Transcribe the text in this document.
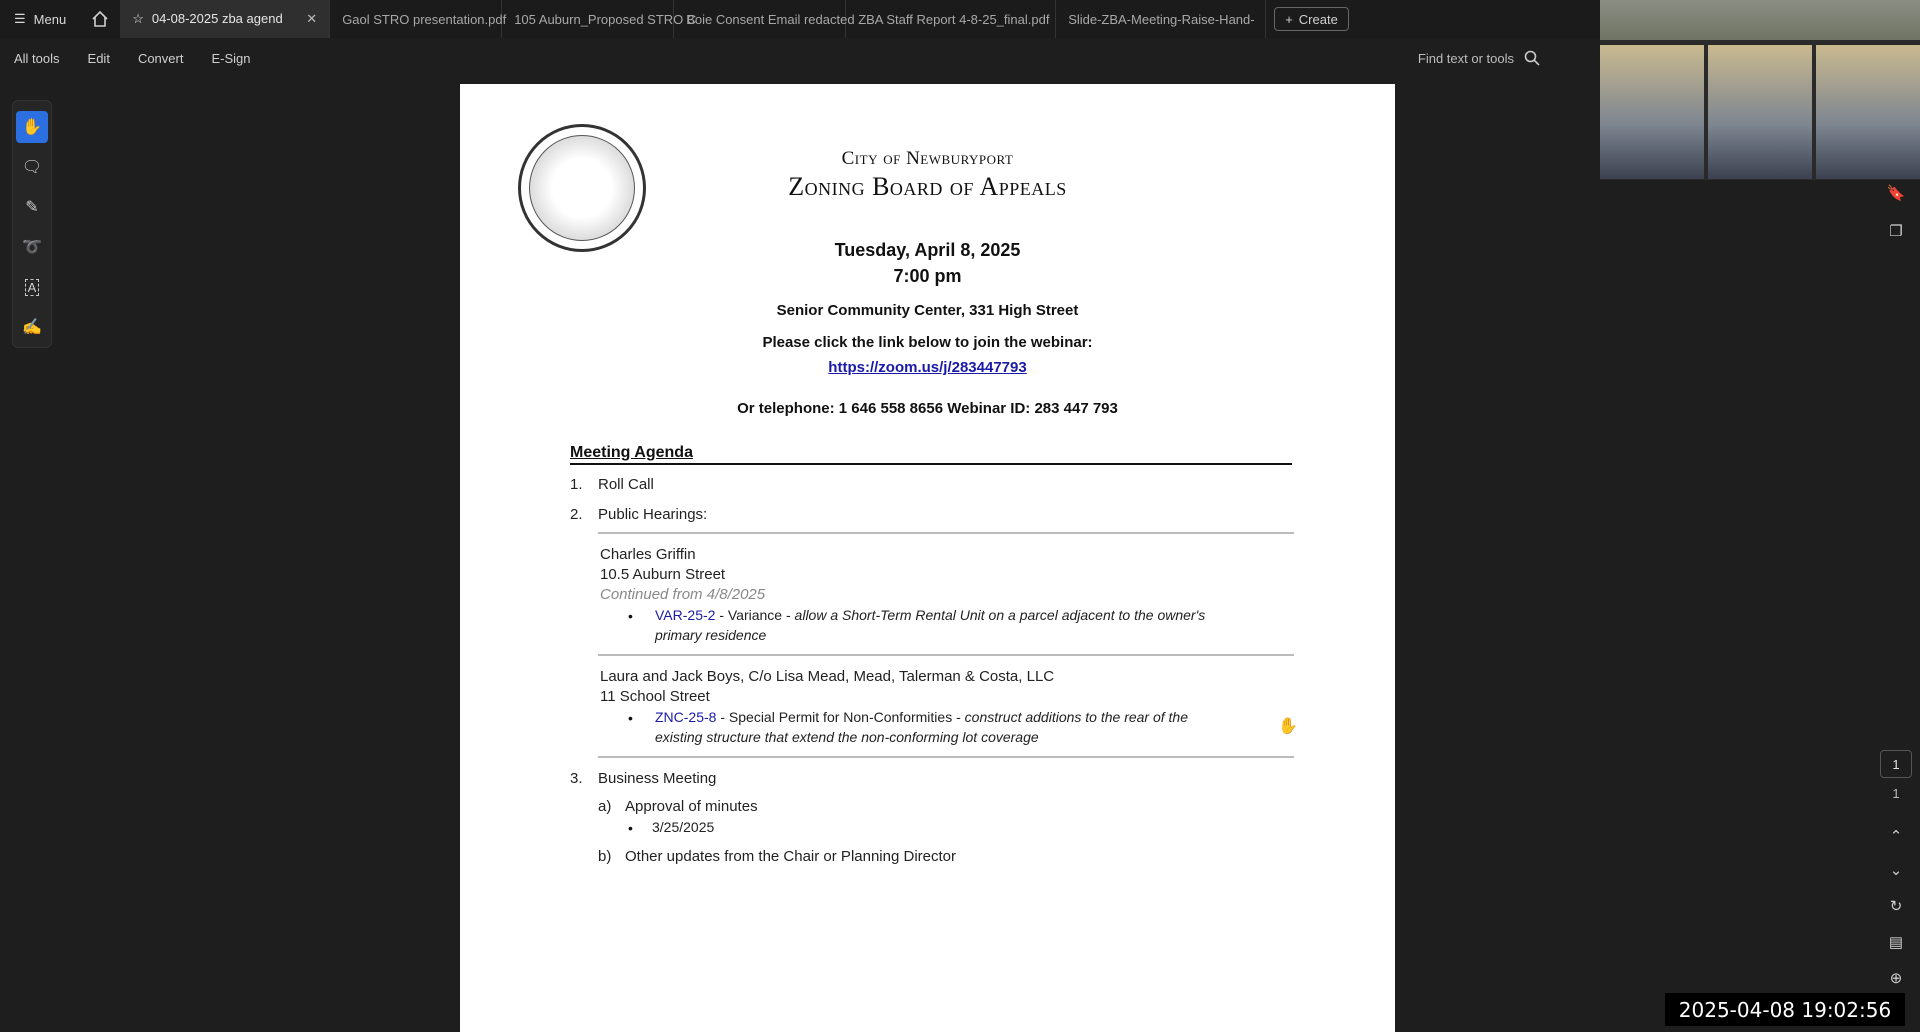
☰ Menu	☆ 04-08-2025 zba agend ✕ Gaol STRO presentation.pdf 105 Auburn_Proposed STRO C
Boie Consent Email redacted ZBA Staff Report 4-8-25_final.pdf Slide-ZBA-Meeting-Raise-Hand- + Create
All tools	Edit	Convert	E-Sign	Find text or tools
✋
🗨
✎
➰
A
✍
🔖
❐
1
1
⌃
⌄
↻
▤
⊕
City of Newburyport
Zoning Board of Appeals
Tuesday, April 8, 2025
7:00 pm
Senior Community Center, 331 High Street
Please click the link below to join the webinar:
https://zoom.us/j/283447793
Or telephone: 1 646 558 8656 Webinar ID: 283 447 793
Meeting Agenda
1. Roll Call
2. Public Hearings:
Charles Griffin
10.5 Auburn Street
Continued from 4/8/2025
• VAR-25-2 - Variance - allow a Short-Term Rental Unit on a parcel adjacent to the owner's
primary residence
Laura and Jack Boys, C/o Lisa Mead, Mead, Talerman & Costa, LLC
11 School Street
• ZNC-25-8 - Special Permit for Non-Conformities - construct additions to the rear of the
existing structure that extend the non-conforming lot coverage
3. Business Meeting
a) Approval of minutes
• 3/25/2025
b) Other updates from the Chair or Planning Director
✋
2025-04-08 19:02:56
